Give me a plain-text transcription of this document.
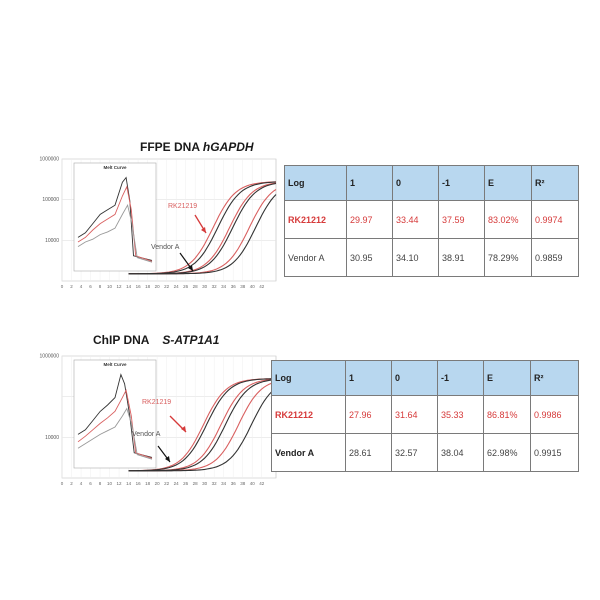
FFPE DNA hGAPDH
0 2 4 6 8 10 12 14 16 18 20 22 24 26 28 30 32 34 36 38 40 42
1000000
100000
10000
Melt Curve
RK21219
Vendor A
Log	1	0	-1	E	R²
RK21212	29.97	33.44	37.59	83.02%	0.9974
Vendor A	30.95	34.10	38.91	78.29%	0.9859
ChIP DNA S-ATP1A1
0 2 4 6 8 10 12 14 16 18 20 22 24 26 28 30 32 34 36 38 40 42
1000000
10000
Melt Curve
RK21219
Vendor A
Log	1	0	-1	E	R²
RK21212	27.96	31.64	35.33	86.81%	0.9986
Vendor A	28.61	32.57	38.04	62.98%	0.9915
